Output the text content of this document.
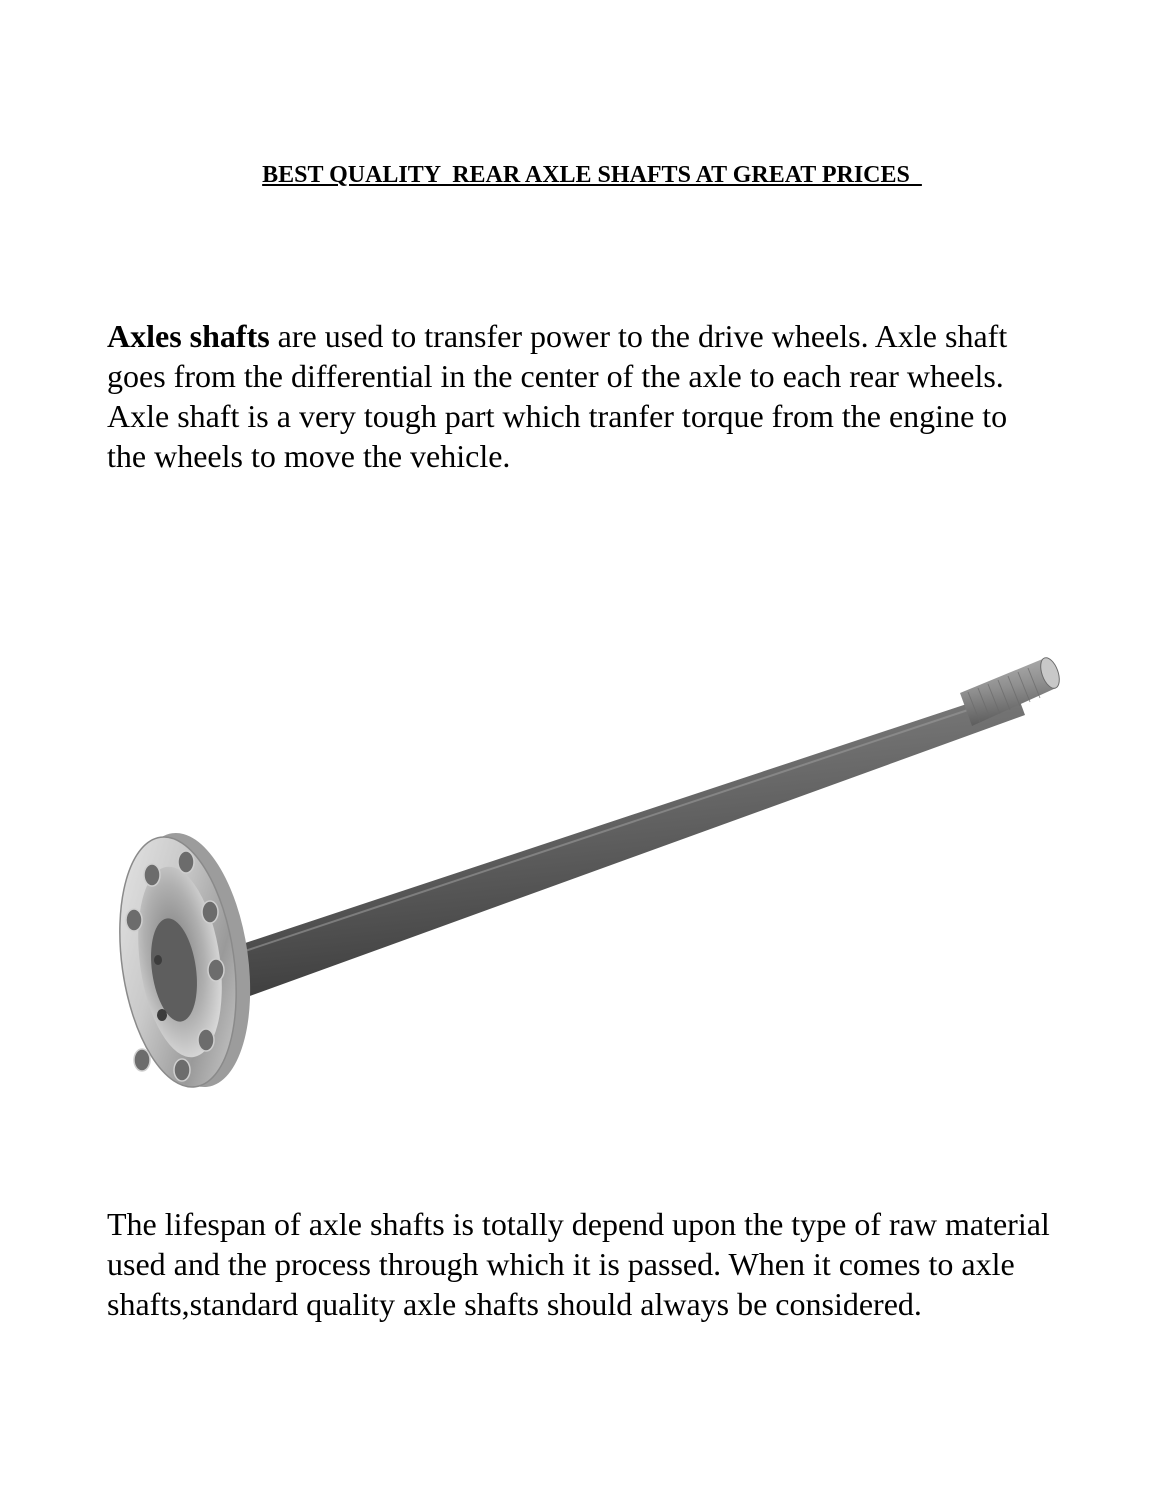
BEST QUALITY  REAR AXLE SHAFTS AT GREAT PRICES
Axles shafts are used to transfer power to the drive wheels. Axle shaft goes from the differential in the center of the axle to each rear wheels. Axle shaft is a very tough part which tranfer torque from the engine to the wheels to move the vehicle.
The lifespan of axle shafts is totally depend upon the type of raw material used and the process through which it is passed. When it comes to axle shafts,standard quality axle shafts should always be considered.
